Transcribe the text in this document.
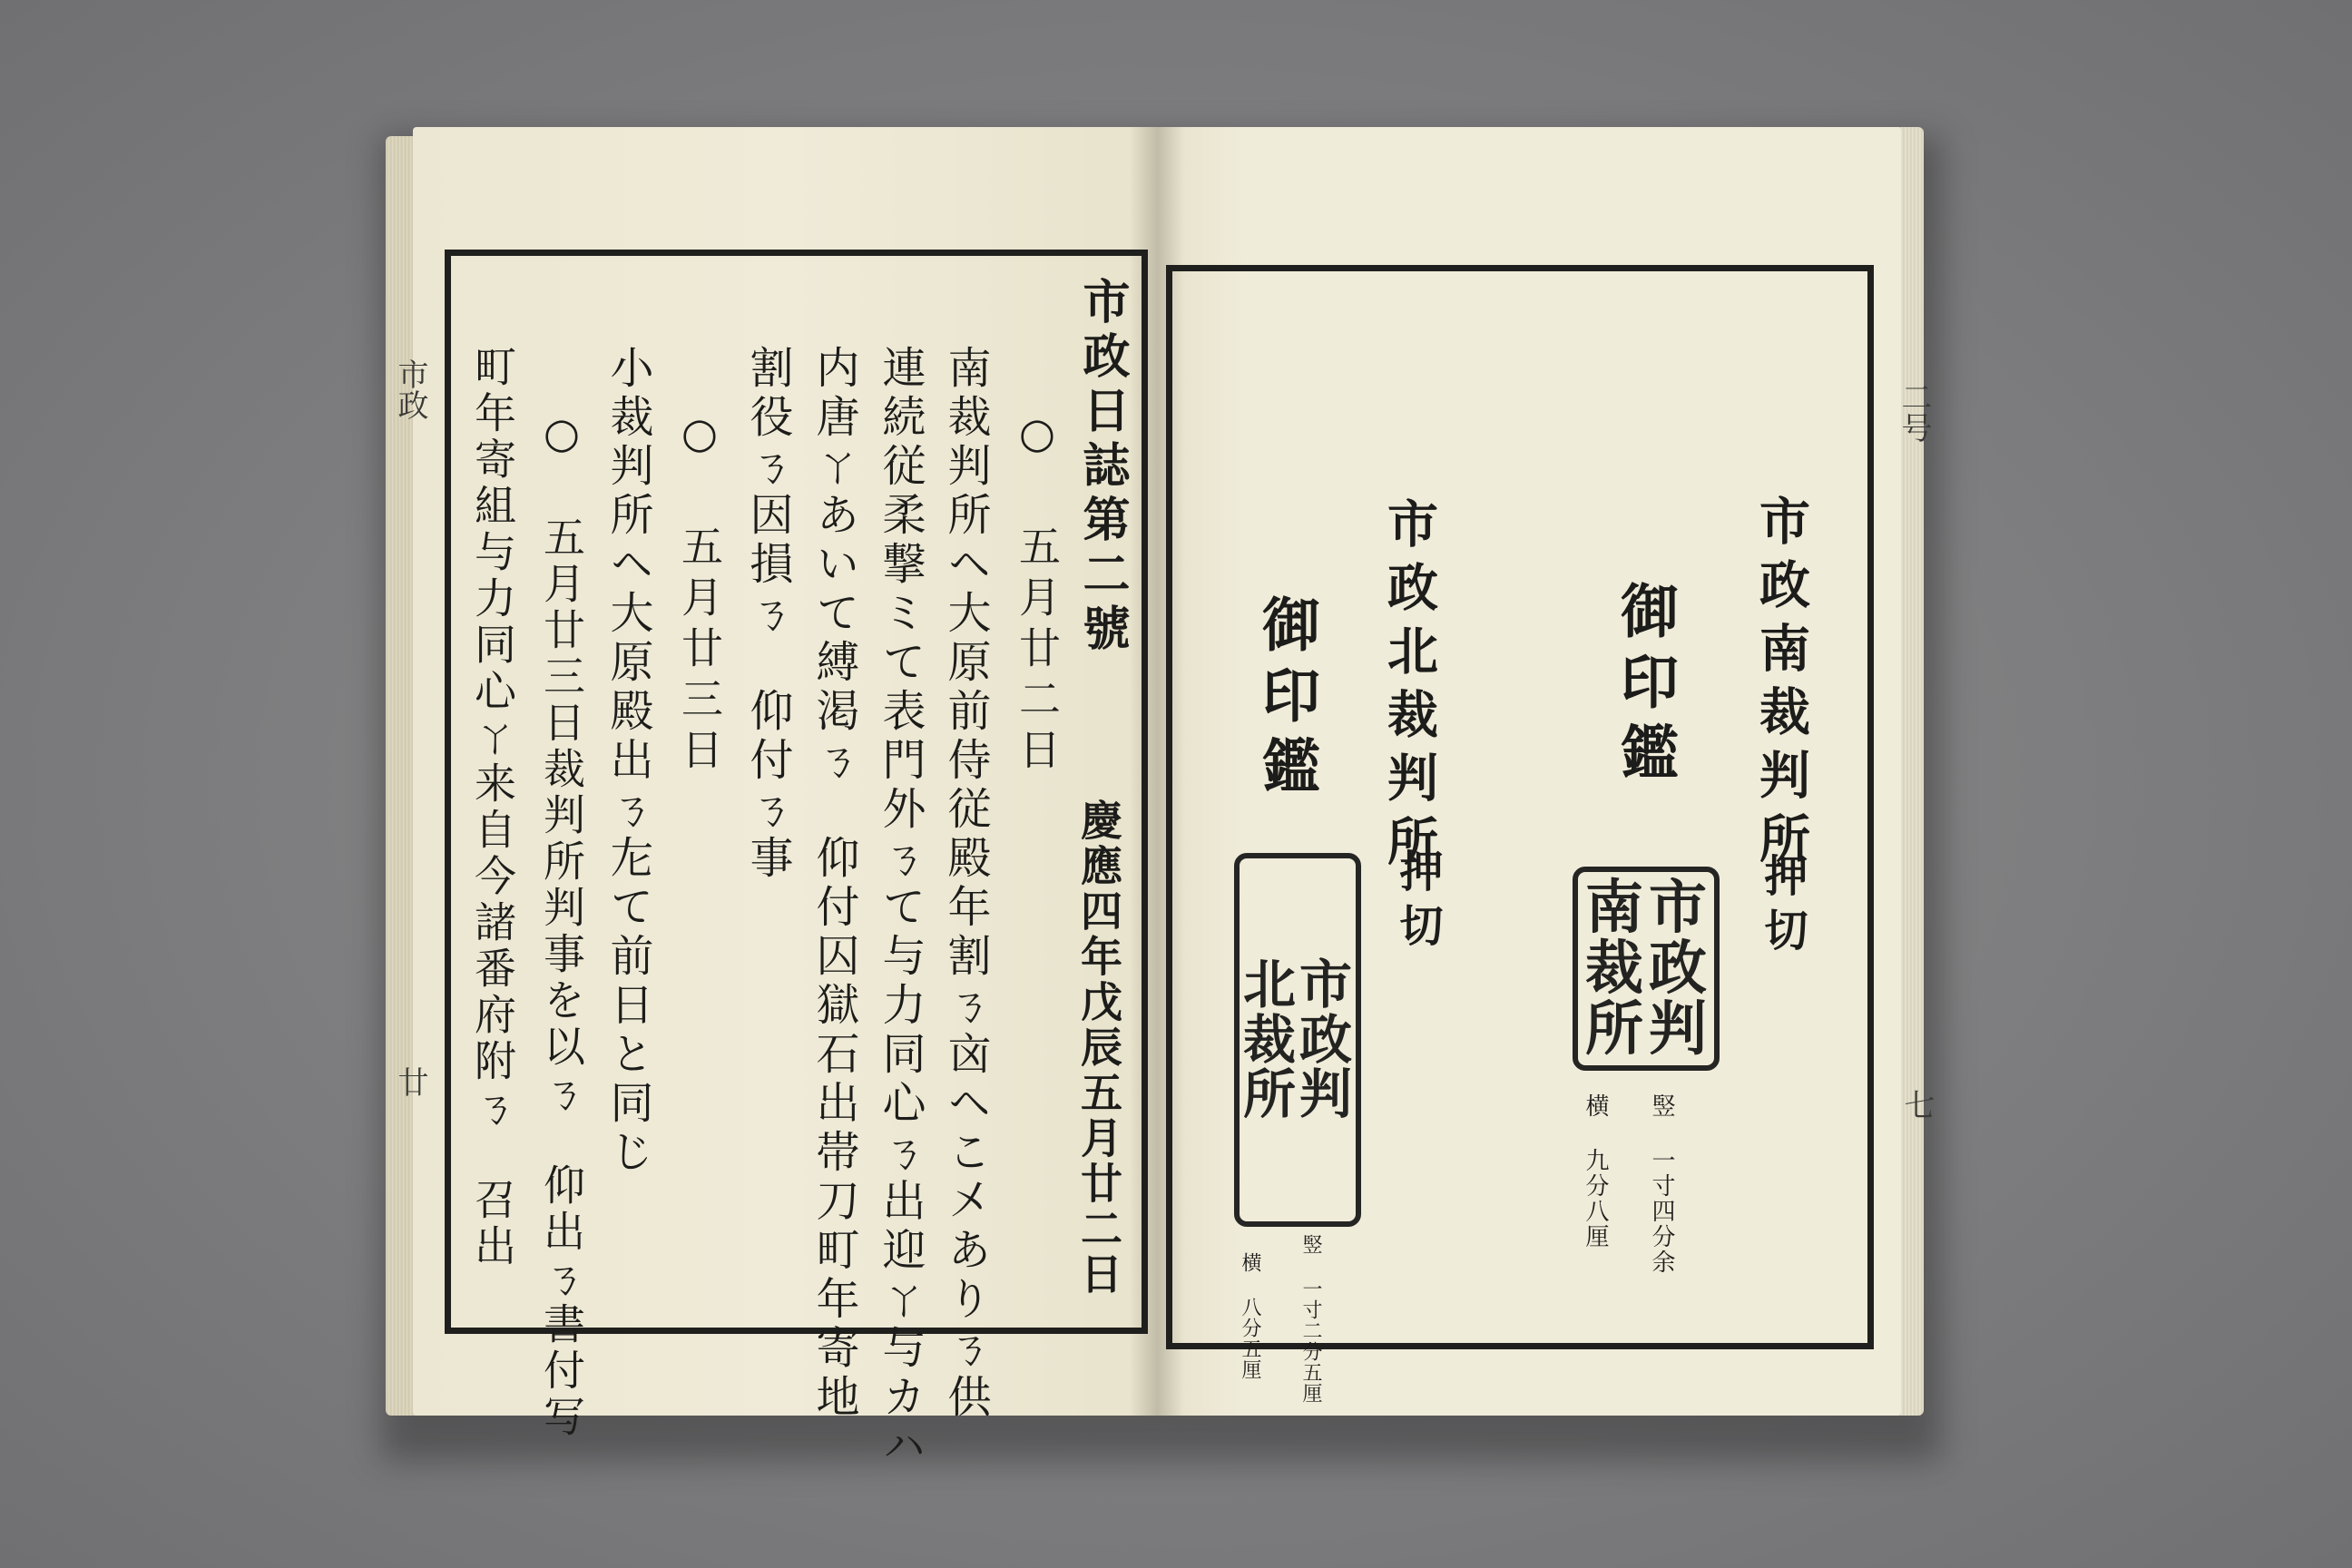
市政
廿
二号
七
市政日誌第二號
慶應四年戊辰五月廿二日
○ 五月廿二日
南裁判所ヘ大原前侍従殿年割ㄋ㐫ヘこ㐅ありㄋ供
連続従柔撃ミて表門外ㄋて与力同心ㄋ出迎ㄚ与カハ
内唐ㄚあいて縛渇ㄋ　仰付囚獄石出帯刀町年寄地
割役ㄋ因損ㄋ　仰付ㄋ事
○ 五月廿三日
小裁判所ヘ大原殿出ㄋ㔫て前日と同じ
○ 五月廿三日裁判所判事を以ㄋ　仰出ㄋ書付写
町年寄組与力同心ㄚ来自今諸番府附ㄋ　召出	市政南裁判所
御印鑑
押切
南 市
裁 政
所 判
竪 一寸四分余
横 九分八厘
市政北裁判所
御印鑑
押切
北 市
裁 政
所 判
竪 一寸二分五厘
横 八分五厘
